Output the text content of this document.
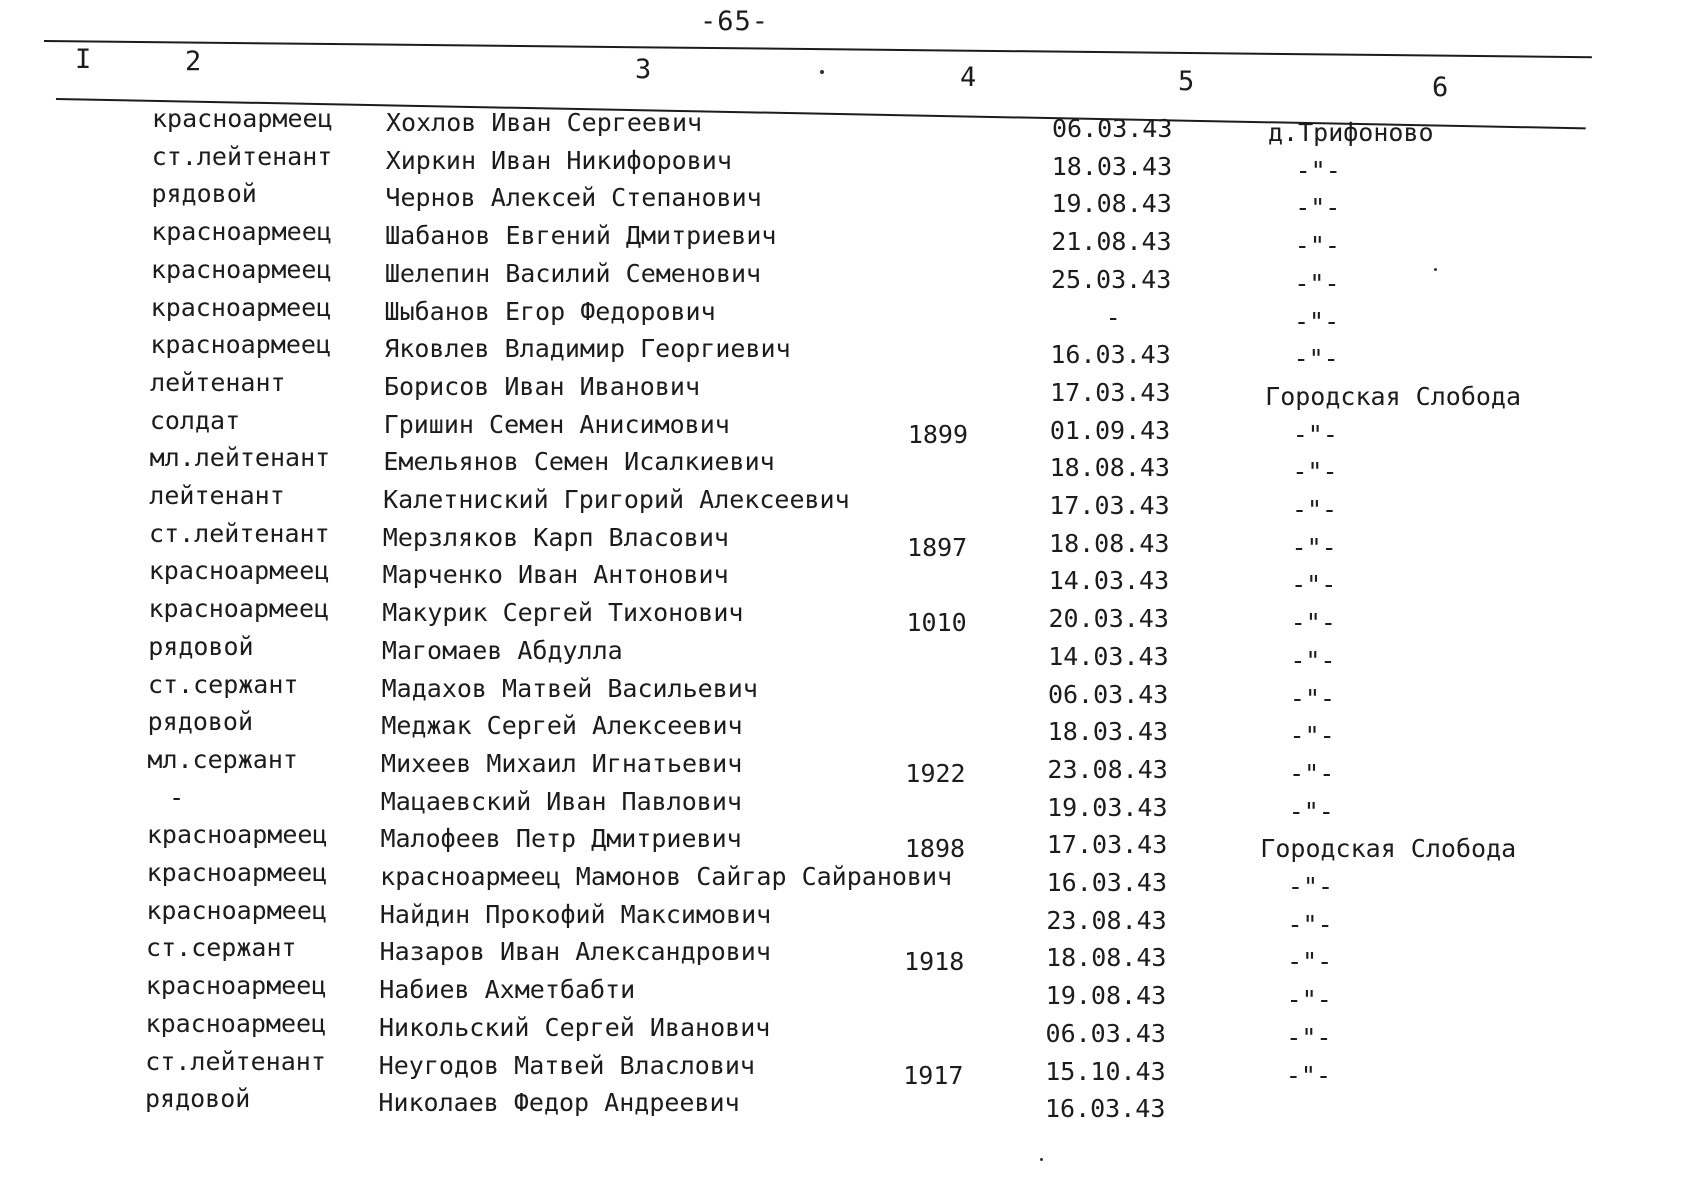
-65-
I	2	3	4	5	6
красноармеец Хохлов Иван Сергеевич	06.03.43	д.Трифоново
ст.лейтенант Хиркин Иван Никифорович	18.03.43	-"-
рядовой	Чернов Алексей Степанович	19.08.43	-"-
красноармеец Шабанов Евгений Дмитриевич	21.08.43	-"-
красноармеец Шелепин Василий Семенович	25.03.43	-"-
красноармеец Шыбанов Егор Федорович	-	-"-
красноармеец Яковлев Владимир Георгиевич	16.03.43	-"-
лейтенант	Борисов Иван Иванович	17.03.43	Городская Слобода
солдат	Гришин Семен Анисимович	1899	01.09.43	-"-
мл.лейтенант Емельянов Семен Исалкиевич	18.08.43	-"-
лейтенант	Калетниский Григорий Алексеевич	17.03.43	-"-
ст.лейтенант Мерзляков Карп Власович	1897	18.08.43	-"-
красноармеец Марченко Иван Антонович	14.03.43	-"-
красноармеец Макурик Сергей Тихонович	1010	20.03.43	-"-
рядовой	Магомаев Абдулла	14.03.43	-"-
ст.сержант	Мадахов Матвей Васильевич	06.03.43	-"-
рядовой	Меджак Сергей Алексеевич	18.03.43	-"-
мл.сержант	Михеев Михаил Игнатьевич	1922	23.08.43	-"-
-	Мацаевский Иван Павлович	19.03.43	-"-
красноармеец Малофеев Петр Дмитриевич	1898	17.03.43	Городская Слобода
красноармеец красноармеец Мамонов Сайгар Сайранович	16.03.43	-"-
красноармеец Найдин Прокофий Максимович	23.08.43	-"-
ст.сержант	Назаров Иван Александрович	1918	18.08.43	-"-
красноармеец Набиев Ахметбабти	19.08.43	-"-
красноармеец Никольский Сергей Иванович	06.03.43	-"-
ст.лейтенант Неугодов Матвей Власлович	1917	15.10.43	-"-
рядовой	Николаев Федор Андреевич	16.03.43
